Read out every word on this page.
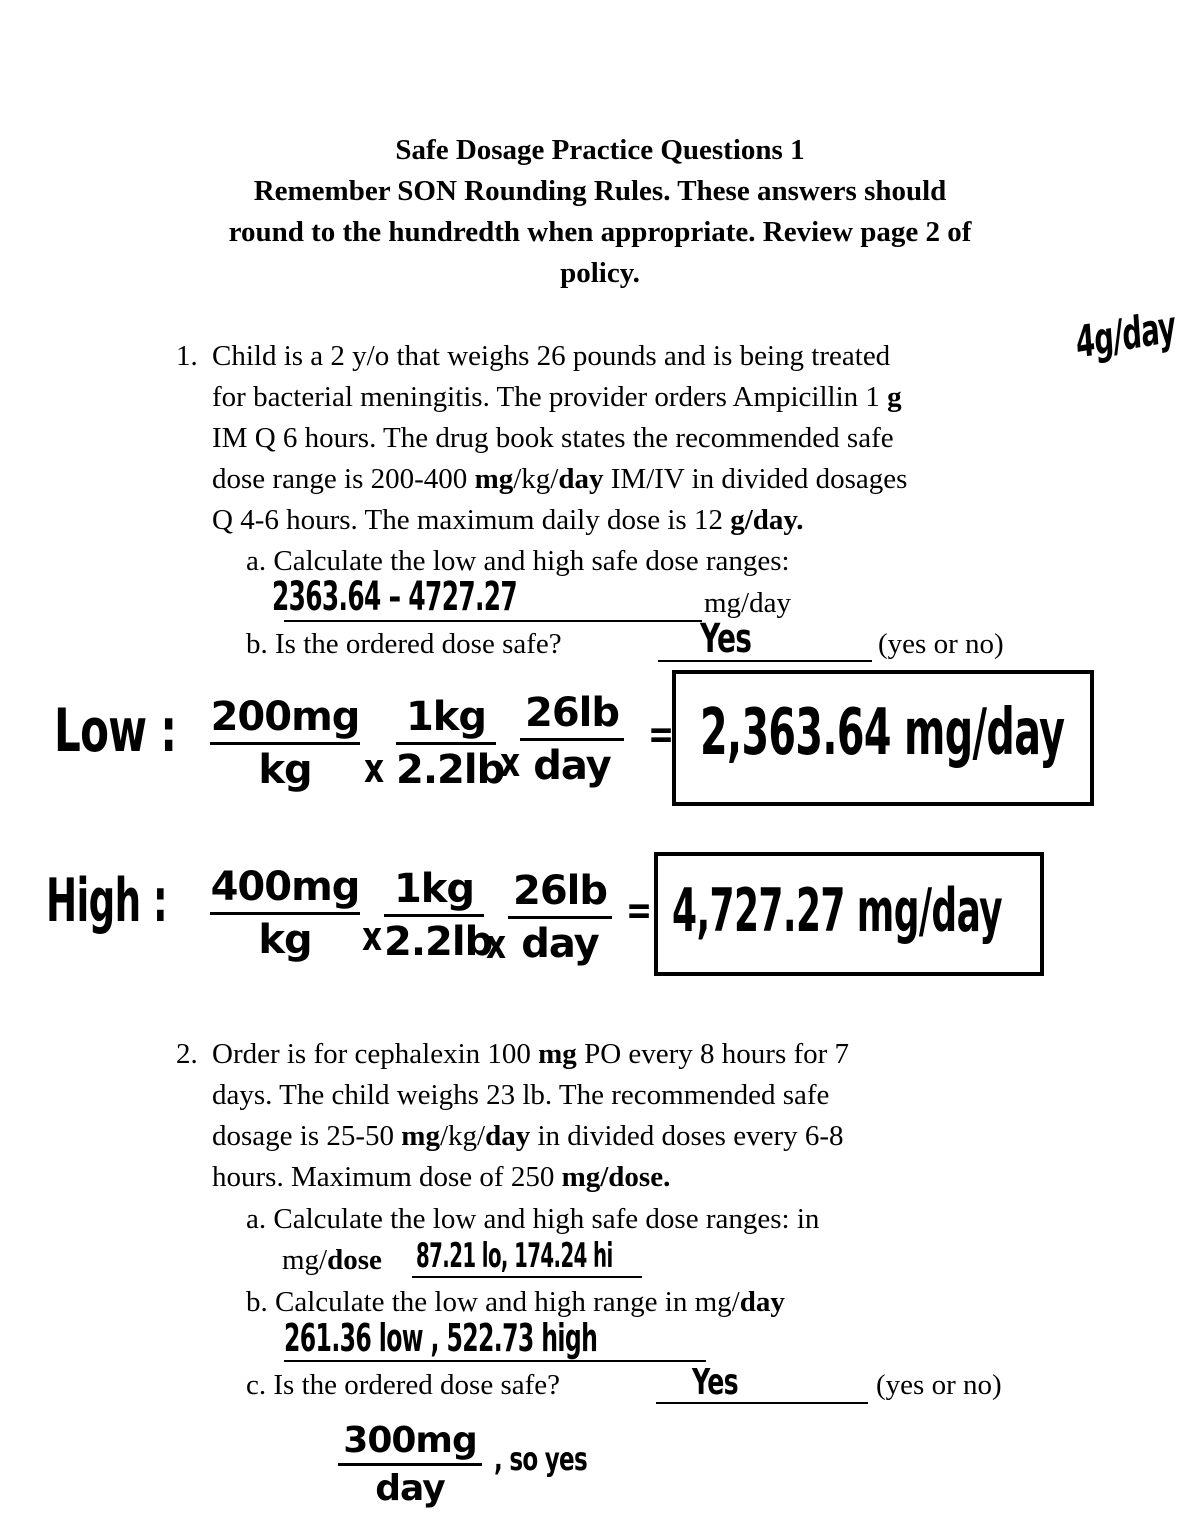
Safe Dosage Practice Questions 1
Remember SON Rounding Rules. These answers should
round to the hundredth when appropriate. Review page 2 of
policy.
4g/day
1. Child is a 2 y/o that weighs 26 pounds and is being treated
for bacterial meningitis. The provider orders Ampicillin 1 g
IM Q 6 hours. The drug book states the recommended safe
dose range is 200-400 mg/kg/day IM/IV in divided dosages
Q 4-6 hours. The maximum daily dose is 12 g/day.
a. Calculate the low and high safe dose ranges:
2363.64 – 4727.27	mg/day
b. Is the ordered dose safe?	Yes	(yes or no)
Low : 200mg
kg	x
1kg
2.2lb
x
26lb
day
= 2,363.64 mg/day
High : 400mg
kg	x
1kg
2.2lb
x
26lb
day
= 4,727.27 mg/day
2. Order is for cephalexin 100 mg PO every 8 hours for 7
days. The child weighs 23 lb. The recommended safe
dosage is 25-50 mg/kg/day in divided doses every 6-8
hours. Maximum dose of 250 mg/dose.
a. Calculate the low and high safe dose ranges: in
mg/dose 87.21 lo, 174.24 hi
b. Calculate the low and high range in mg/day
261.36 low , 522.73 high
c. Is the ordered dose safe?	Yes	(yes or no)
300mg
day
, so yes
